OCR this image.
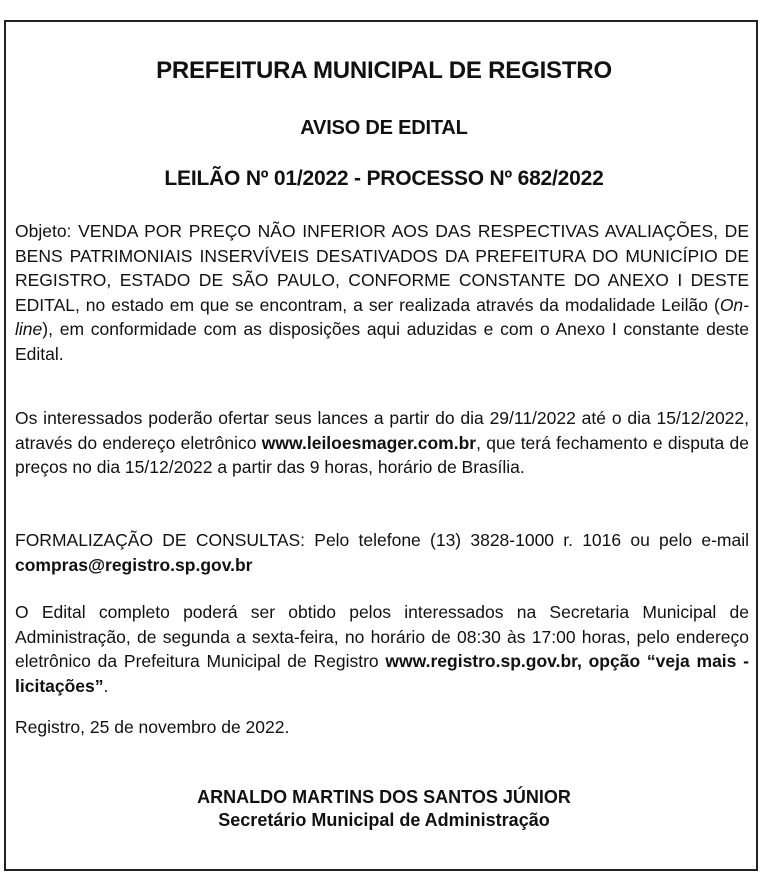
PREFEITURA MUNICIPAL DE REGISTRO
AVISO DE EDITAL
LEILÃO Nº 01/2022 - PROCESSO Nº 682/2022
Objeto: VENDA POR PREÇO NÃO INFERIOR AOS DAS RESPECTIVAS AVALIAÇÕES, DE BENS PATRIMONIAIS INSERVÍVEIS DESATIVADOS DA PREFEITURA DO MUNICÍPIO DE REGISTRO, ESTADO DE SÃO PAULO, CONFORME CONSTANTE DO ANEXO I DESTE EDITAL, no estado em que se encontram, a ser realizada através da modalidade Leilão (On-line), em conformidade com as disposições aqui aduzidas e com o Anexo I constante deste Edital.
Os interessados poderão ofertar seus lances a partir do dia 29/11/2022 até o dia 15/12/2022, através do endereço eletrônico www.leiloesmager.com.br, que terá fechamento e disputa de preços no dia 15/12/2022 a partir das 9 horas, horário de Brasília.
FORMALIZAÇÃO DE CONSULTAS: Pelo telefone (13) 3828-1000 r. 1016 ou pelo e-mail compras@registro.sp.gov.br
O Edital completo poderá ser obtido pelos interessados na Secretaria Municipal de Administração, de segunda a sexta-feira, no horário de 08:30 às 17:00 horas, pelo endereço eletrônico da Prefeitura Municipal de Registro www.registro.sp.gov.br, opção “veja mais - licitações”.
Registro, 25 de novembro de 2022.
ARNALDO MARTINS DOS SANTOS JÚNIOR
Secretário Municipal de Administração
